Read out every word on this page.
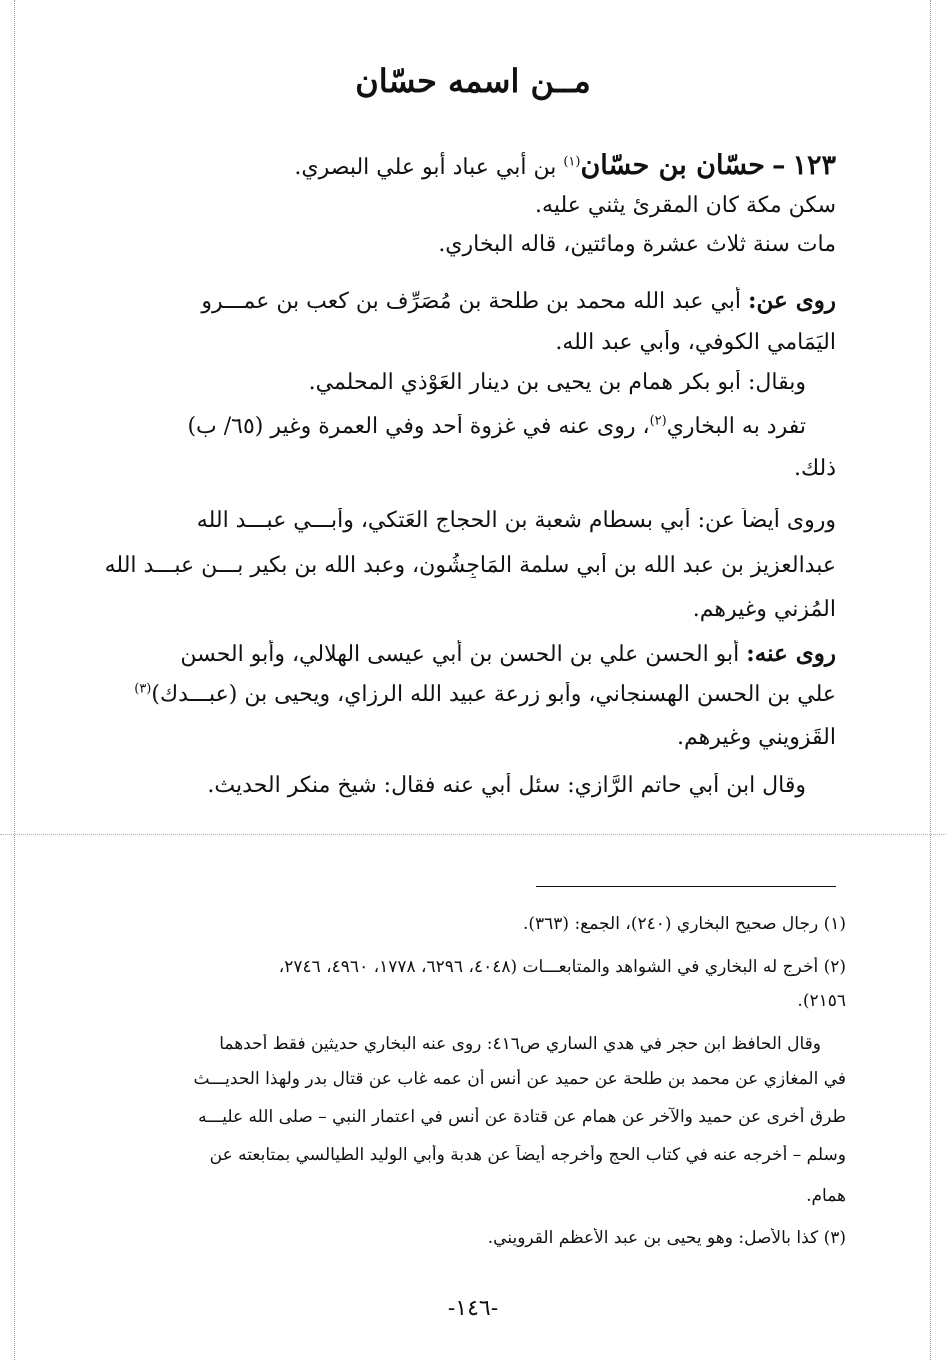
مــن اسمه حسّان
١٢٣ – حسّان بن حسّان$^{(١)}$ بن أبي عباد أبو علي البصري.
سكن مكة كان المقرئ يثني عليه.
مات سنة ثلاث عشرة ومائتين، قاله البخاري.
روى عن: أبي عبد الله محمد بن طلحة بن مُصَرِّف بن كعب بن عمـــرو
اليَمَامي الكوفي، وأبي عبد الله.
وبقال: أبو بكر همام بن يحيى بن دينار العَوْذي المحلمي.
تفرد به البخاري$^{(٢)}$، روى عنه في غزوة أحد وفي العمرة وغير (٦٥/ ب)
ذلك.
وروى أيضاً عن: أبي بسطام شعبة بن الحجاج العَتكي، وأبـــي عبـــد الله
عبدالعزيز بن عبد الله بن أبي سلمة المَاجِشُون، وعبد الله بن بكير بـــن عبـــد الله
المُزني وغيرهم.
روى عنه: أبو الحسن علي بن الحسن بن أبي عيسى الهلالي، وأبو الحسن
علي بن الحسن الهسنجاني، وأبو زرعة عبيد الله الرزاي، ويحيى بن (عبـــدك)$^{(٣)}$
القَزويني وغيرهم.
وقال ابن أبي حاتم الرَّازي: سئل أبي عنه فقال: شيخ منكر الحديث.
(١) رجال صحيح البخاري (٢٤٠)، الجمع: (٣٦٣).
(٢) أخرج له البخاري في الشواهد والمتابعـــات (٤٠٤٨، ٦٢٩٦، ١٧٧٨، ٤٩٦٠، ٢٧٤٦،
٢١٥٦).
وقال الحافظ ابن حجر في هدي الساري ص٤١٦: روى عنه البخاري حديثين فقط أحدهما
في المغازي عن محمد بن طلحة عن حميد عن أنس أن عمه غاب عن قتال بدر ولهذا الحديـــث
طرق أخرى عن حميد والآخر عن همام عن قتادة عن أنس في اعتمار النبي – صلى الله عليـــه
وسلم – أخرجه عنه في كتاب الحج وأخرجه أيضاً عن هدبة وأبي الوليد الطيالسي بمتابعته عن
همام.
(٣) كذا بالأصل: وهو يحيى بن عبد الأعظم القرويني.
-١٤٦-
